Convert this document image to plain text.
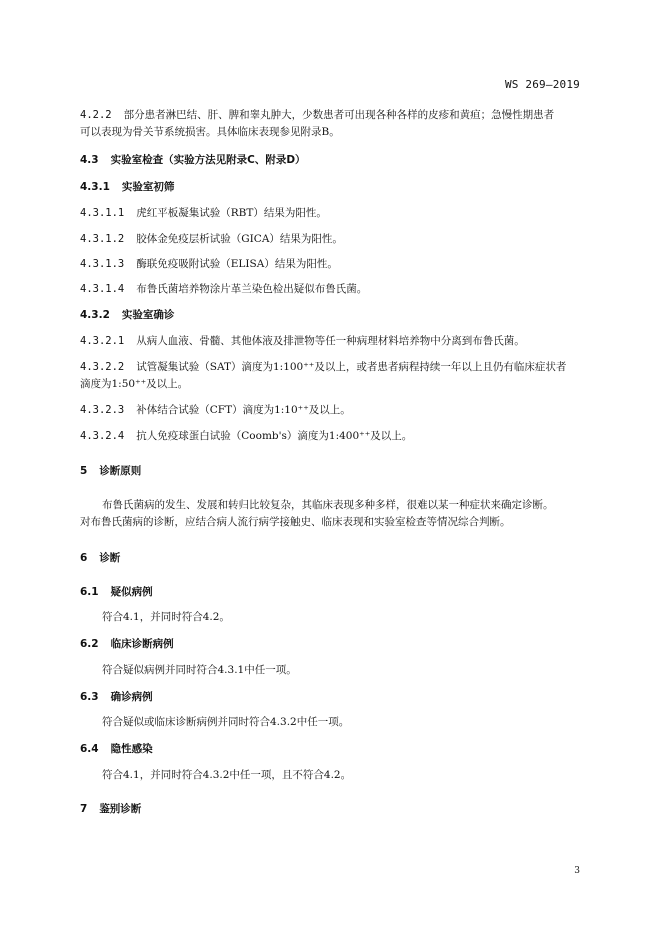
WS 269—2019
4.2.2 部分患者淋巴结、肝、脾和睾丸肿大，少数患者可出现各种各样的皮疹和黄疸；急慢性期患者
可以表现为骨关节系统损害。具体临床表现参见附录B。
4.3 实验室检查（实验方法见附录C、附录D）
4.3.1 实验室初筛
4.3.1.1 虎红平板凝集试验（RBT）结果为阳性。
4.3.1.2 胶体金免疫层析试验（GICA）结果为阳性。
4.3.1.3 酶联免疫吸附试验（ELISA）结果为阳性。
4.3.1.4 布鲁氏菌培养物涂片革兰染色检出疑似布鲁氏菌。
4.3.2 实验室确诊
4.3.2.1 从病人血液、骨髓、其他体液及排泄物等任一种病理材料培养物中分离到布鲁氏菌。
4.3.2.2 试管凝集试验（SAT）滴度为1:100⁺⁺及以上，或者患者病程持续一年以上且仍有临床症状者
滴度为1:50⁺⁺及以上。
4.3.2.3 补体结合试验（CFT）滴度为1:10⁺⁺及以上。
4.3.2.4 抗人免疫球蛋白试验（Coomb's）滴度为1:400⁺⁺及以上。
5 诊断原则
布鲁氏菌病的发生、发展和转归比较复杂，其临床表现多种多样，很难以某一种症状来确定诊断。
对布鲁氏菌病的诊断，应结合病人流行病学接触史、临床表现和实验室检查等情况综合判断。
6 诊断
6.1 疑似病例
符合4.1，并同时符合4.2。
6.2 临床诊断病例
符合疑似病例并同时符合4.3.1中任一项。
6.3 确诊病例
符合疑似或临床诊断病例并同时符合4.3.2中任一项。
6.4 隐性感染
符合4.1，并同时符合4.3.2中任一项，且不符合4.2。
7 鉴别诊断
3
